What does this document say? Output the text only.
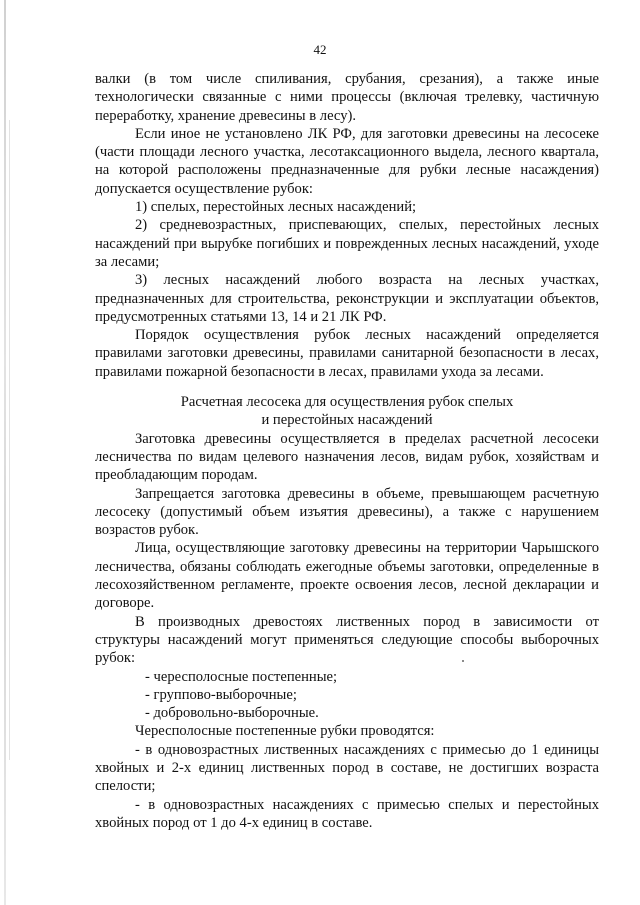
42

валки (в том числе спиливания, срубания, срезания), а также иные технологически связанные с ними процессы (включая трелевку, частичную переработку, хранение древесины в лесу).

Если иное не установлено ЛК РФ, для заготовки древесины на лесосеке (части площади лесного участка, лесотаксационного выдела, лесного квартала, на которой расположены предназначенные для рубки лесные насаждения) допускается осуществление рубок:

1) спелых, перестойных лесных насаждений;

2) средневозрастных, приспевающих, спелых, перестойных лесных насаждений при вырубке погибших и поврежденных лесных насаждений, уходе за лесами;

3) лесных насаждений любого возраста на лесных участках, предназначенных для строительства, реконструкции и эксплуатации объектов, предусмотренных статьями 13, 14 и 21 ЛК РФ.

Порядок осуществления рубок лесных насаждений определяется правилами заготовки древесины, правилами санитарной безопасности в лесах, правилами пожарной безопасности в лесах, правилами ухода за лесами.

Расчетная лесосека для осуществления рубок спелых
и перестойных насаждений

Заготовка древесины осуществляется в пределах расчетной лесосеки лесничества по видам целевого назначения лесов, видам рубок, хозяйствам и преобладающим породам.

Запрещается заготовка древесины в объеме, превышающем расчетную лесосеку (допустимый объем изъятия древесины), а также с нарушением возрастов рубок.

Лица, осуществляющие заготовку древесины на территории Чарышского лесничества, обязаны соблюдать ежегодные объемы заготовки, определенные в лесохозяйственном регламенте, проекте освоения лесов, лесной декларации и договоре.

В производных древостоях лиственных пород в зависимости от структуры насаждений могут применяться следующие способы выборочных рубок:

- чересполосные постепенные;

- группово-выборочные;

- добровольно-выборочные.

Чересполосные постепенные рубки проводятся:

- в одновозрастных лиственных насаждениях с примесью до 1 единицы хвойных и 2-х единиц лиственных пород в составе, не достигших возраста спелости;

- в одновозрастных насаждениях с примесью спелых и перестойных хвойных пород от 1 до 4-х единиц в составе.
